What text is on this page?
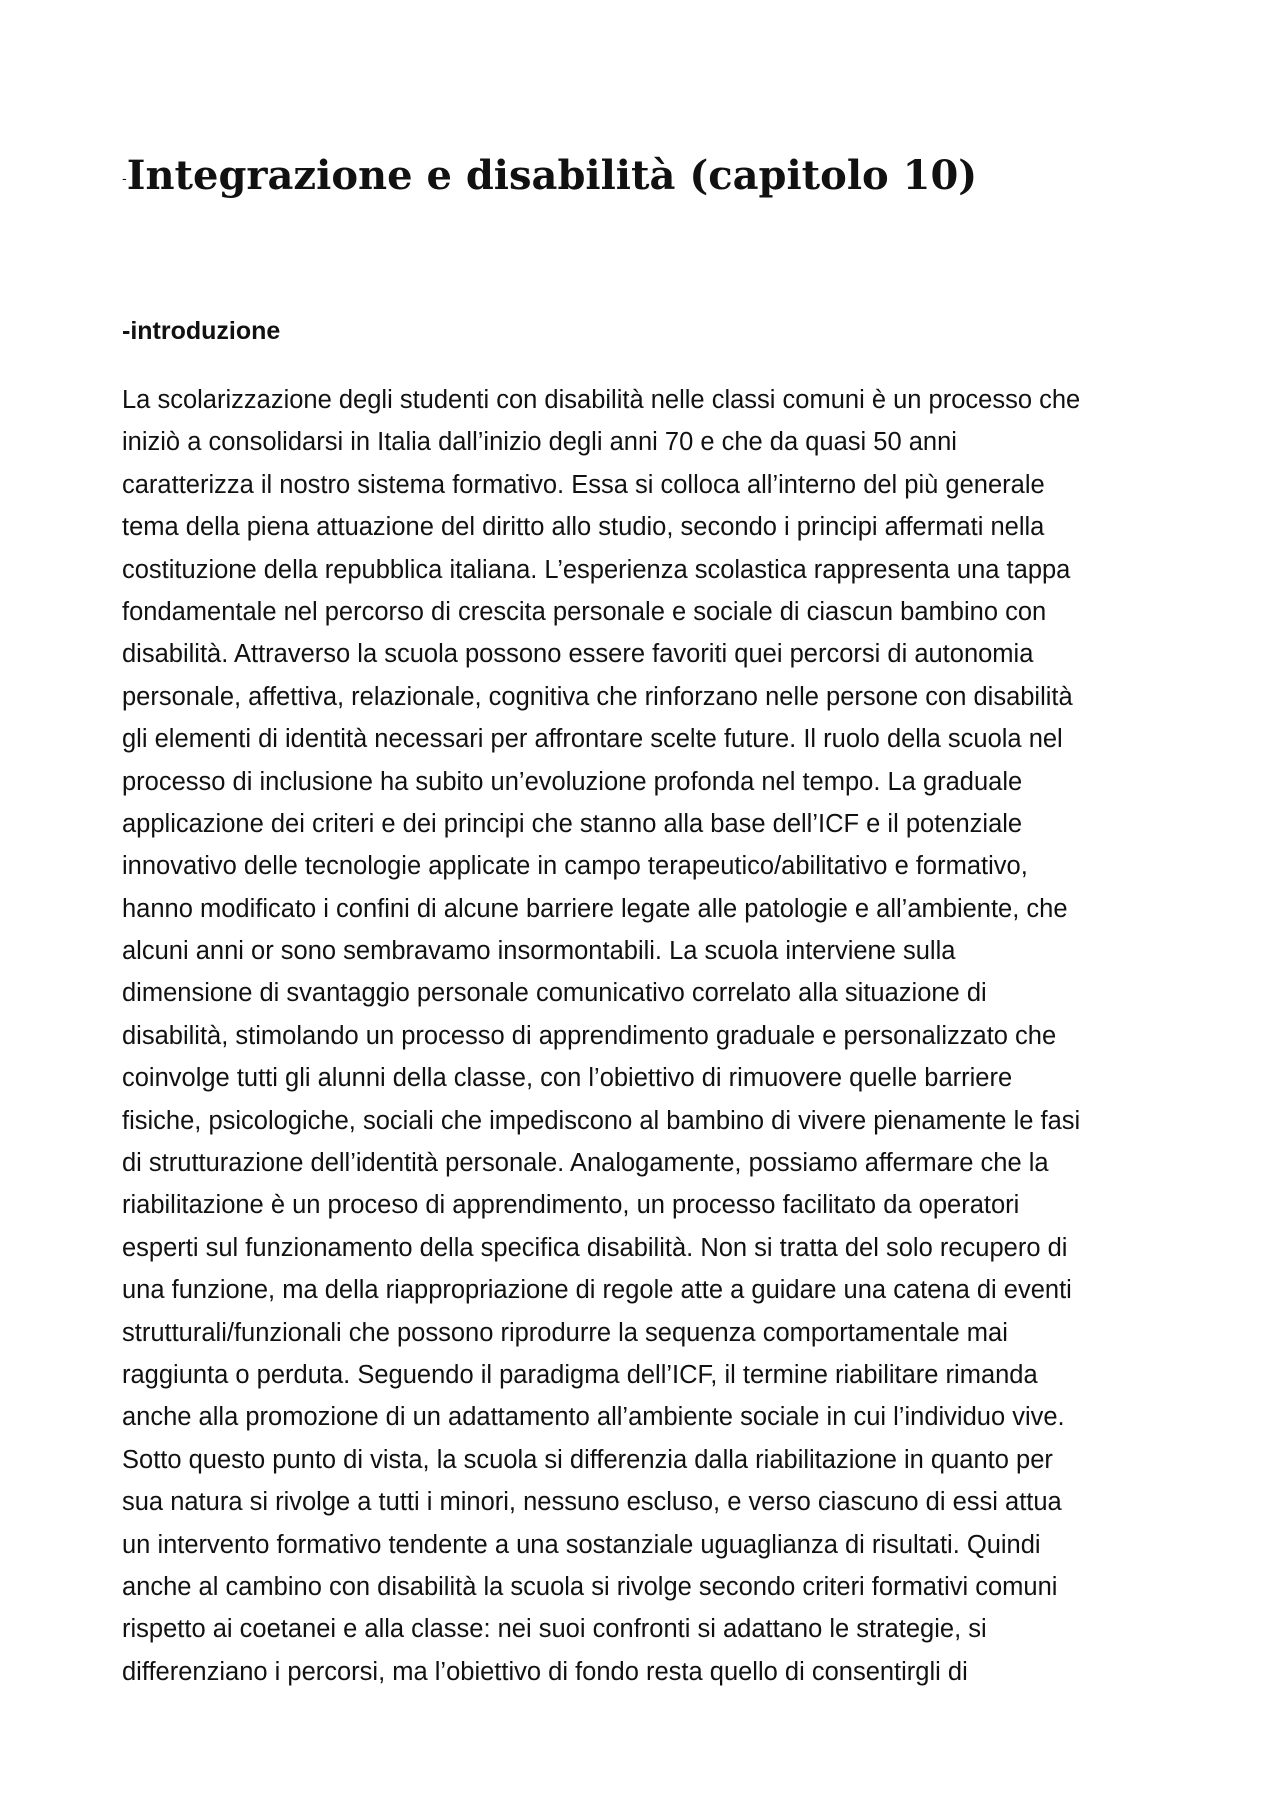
-Integrazione e disabilità (capitolo 10)
-introduzione
La scolarizzazione degli studenti con disabilità nelle classi comuni è un processo che
iniziò a consolidarsi in Italia dall’inizio degli anni 70 e che da quasi 50 anni
caratterizza il nostro sistema formativo. Essa si colloca all’interno del più generale
tema della piena attuazione del diritto allo studio, secondo i principi affermati nella
costituzione della repubblica italiana. L’esperienza scolastica rappresenta una tappa
fondamentale nel percorso di crescita personale e sociale di ciascun bambino con
disabilità. Attraverso la scuola possono essere favoriti quei percorsi di autonomia
personale, affettiva, relazionale, cognitiva che rinforzano nelle persone con disabilità
gli elementi di identità necessari per affrontare scelte future. Il ruolo della scuola nel
processo di inclusione ha subito un’evoluzione profonda nel tempo. La graduale
applicazione dei criteri e dei principi che stanno alla base dell’ICF e il potenziale
innovativo delle tecnologie applicate in campo terapeutico/abilitativo e formativo,
hanno modificato i confini di alcune barriere legate alle patologie e all’ambiente, che
alcuni anni or sono sembravamo insormontabili. La scuola interviene sulla
dimensione di svantaggio personale comunicativo correlato alla situazione di
disabilità, stimolando un processo di apprendimento graduale e personalizzato che
coinvolge tutti gli alunni della classe, con l’obiettivo di rimuovere quelle barriere
fisiche, psicologiche, sociali che impediscono al bambino di vivere pienamente le fasi
di strutturazione dell’identità personale. Analogamente, possiamo affermare che la
riabilitazione è un proceso di apprendimento, un processo facilitato da operatori
esperti sul funzionamento della specifica disabilità. Non si tratta del solo recupero di
una funzione, ma della riappropriazione di regole atte a guidare una catena di eventi
strutturali/funzionali che possono riprodurre la sequenza comportamentale mai
raggiunta o perduta. Seguendo il paradigma dell’ICF, il termine riabilitare rimanda
anche alla promozione di un adattamento all’ambiente sociale in cui l’individuo vive.
Sotto questo punto di vista, la scuola si differenzia dalla riabilitazione in quanto per
sua natura si rivolge a tutti i minori, nessuno escluso, e verso ciascuno di essi attua
un intervento formativo tendente a una sostanziale uguaglianza di risultati. Quindi
anche al cambino con disabilità la scuola si rivolge secondo criteri formativi comuni
rispetto ai coetanei e alla classe: nei suoi confronti si adattano le strategie, si
differenziano i percorsi, ma l’obiettivo di fondo resta quello di consentirgli di
